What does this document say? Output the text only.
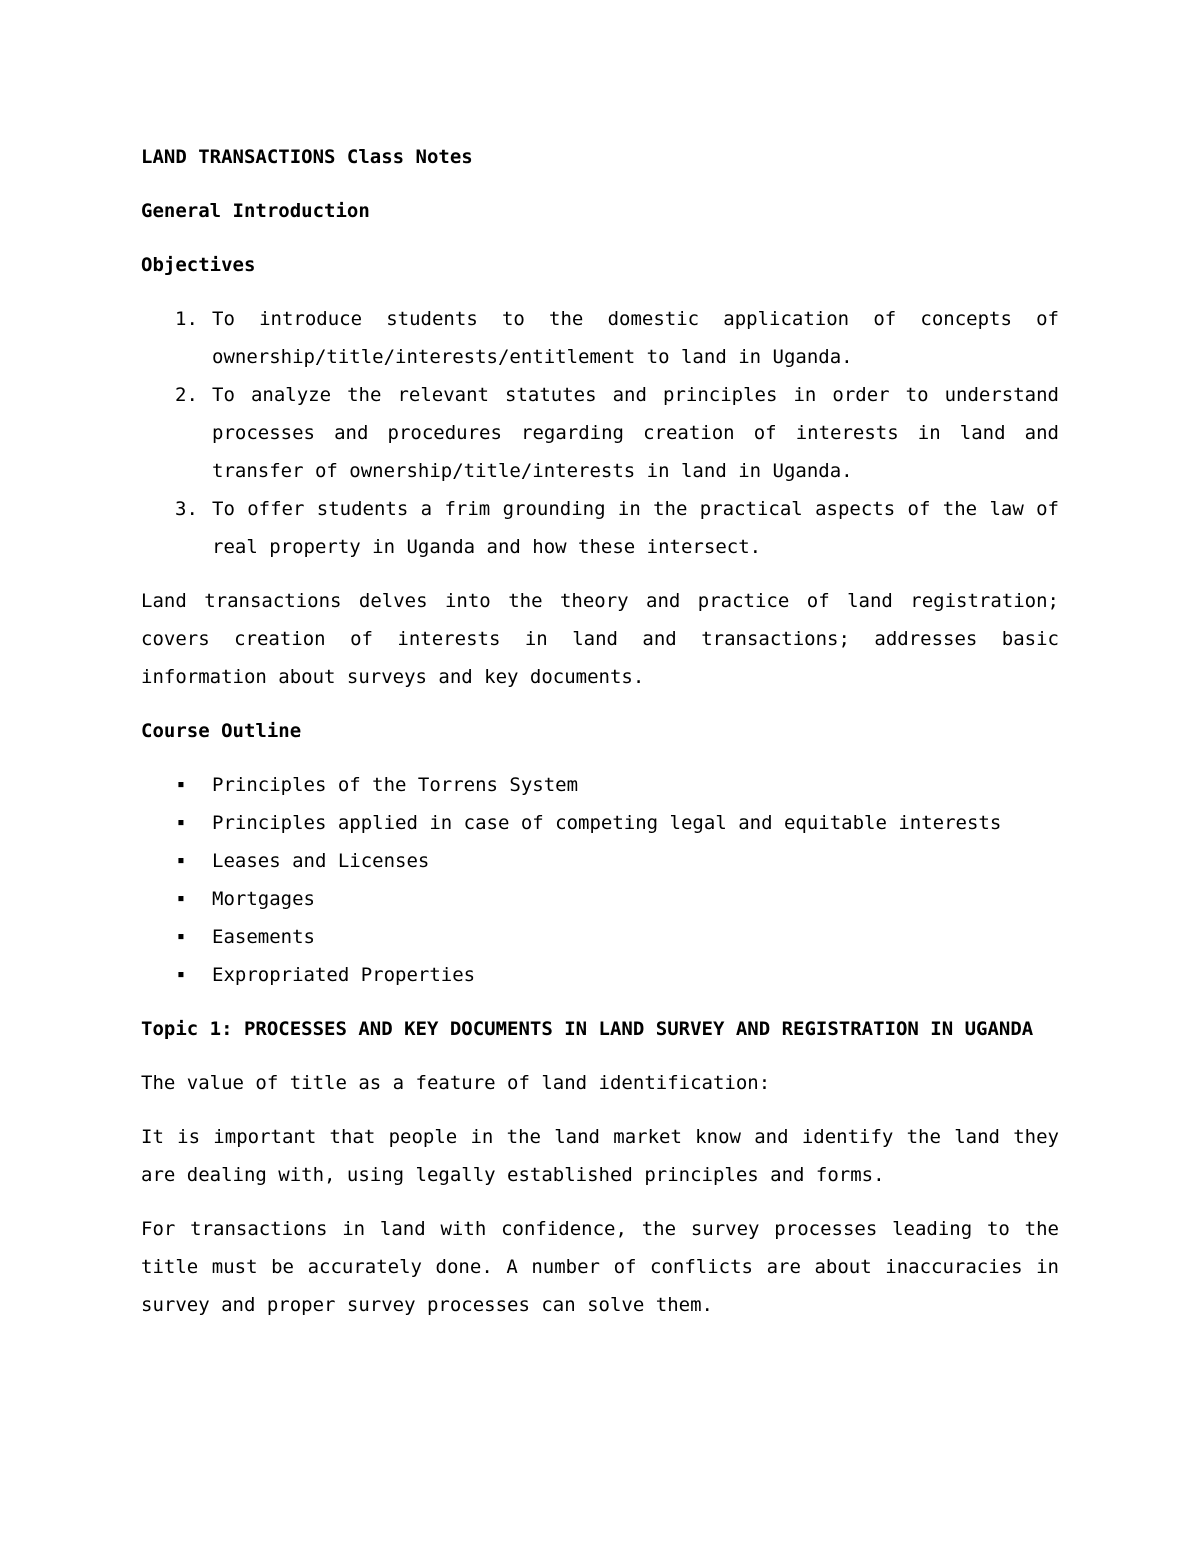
LAND TRANSACTIONS Class Notes

General Introduction

Objectives

1. To introduce students to the domestic application of concepts of ownership/title/interests/entitlement to land in Uganda.
2. To analyze the relevant statutes and principles in order to understand processes and procedures regarding creation of interests in land and transfer of ownership/title/interests in land in Uganda.
3. To offer students a frim grounding in the practical aspects of the law of real property in Uganda and how these intersect.

Land transactions delves into the theory and practice of land registration; covers creation of interests in land and transactions; addresses basic information about surveys and key documents.

Course Outline

▪ Principles of the Torrens System
▪ Principles applied in case of competing legal and equitable interests
▪ Leases and Licenses
▪ Mortgages
▪ Easements
▪ Expropriated Properties

Topic 1: PROCESSES AND KEY DOCUMENTS IN LAND SURVEY AND REGISTRATION IN UGANDA

The value of title as a feature of land identification:

It is important that people in the land market know and identify the land they are dealing with, using legally established principles and forms.

For transactions in land with confidence, the survey processes leading to the title must be accurately done. A number of conflicts are about inaccuracies in survey and proper survey processes can solve them.
